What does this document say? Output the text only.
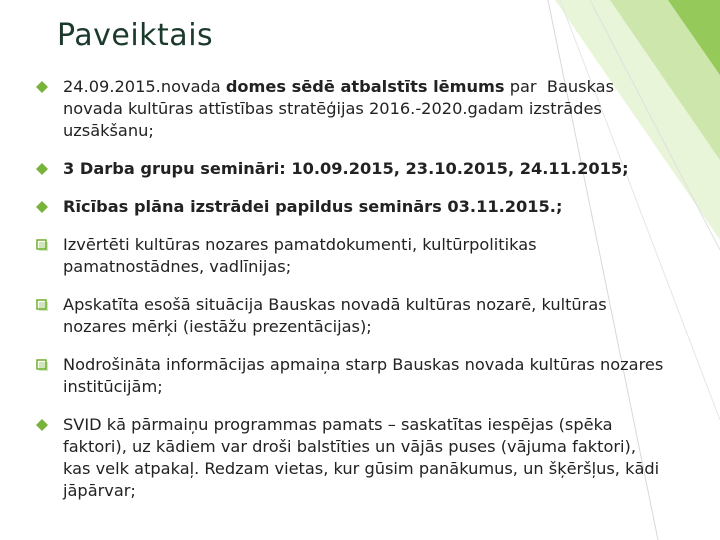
Paveiktais
24.09.2015.novada domes sēdē atbalstīts lēmums par  Bauskas novada kultūras attīstības stratēģijas 2016.-2020.gadam izstrādes uzsākšanu;
3 Darba grupu semināri: 10.09.2015, 23.10.2015, 24.11.2015;
Rīcības plāna izstrādei papildus seminārs 03.11.2015.;
Izvērtēti kultūras nozares pamatdokumenti, kultūrpolitikas pamatnostādnes, vadlīnijas;
Apskatīta esošā situācija Bauskas novadā kultūras nozarē, kultūras nozares mērķi (iestāžu prezentācijas);
Nodrošināta informācijas apmaiņa starp Bauskas novada kultūras nozares institūcijām;
SVID kā pārmaiņu programmas pamats – saskatītas iespējas (spēka faktori), uz kādiem var droši balstīties un vājās puses (vājuma faktori), kas velk atpakaļ. Redzam vietas, kur gūsim panākumus, un šķēršļus, kādi jāpārvar;
